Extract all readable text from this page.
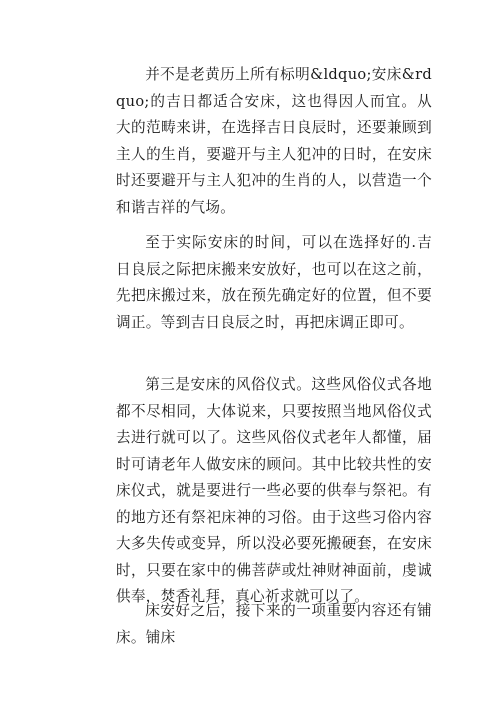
并不是老黄历上所有标明&ldquo;安床&rdquo;的吉日都适合安床，这也得因人而宜。从大的范畴来讲，在选择吉日良辰时，还要兼顾到主人的生肖，要避开与主人犯冲的日时，在安床时还要避开与主人犯冲的生肖的人，以营造一个和谐吉祥的气场。

至于实际安床的时间，可以在选择好的.吉日良辰之际把床搬来安放好，也可以在这之前，先把床搬过来，放在预先确定好的位置，但不要调正。等到吉日良辰之时，再把床调正即可。

第三是安床的风俗仪式。这些风俗仪式各地都不尽相同，大体说来，只要按照当地风俗仪式去进行就可以了。这些风俗仪式老年人都懂，届时可请老年人做安床的顾问。其中比较共性的安床仪式，就是要进行一些必要的供奉与祭祀。有的地方还有祭祀床神的习俗。由于这些习俗内容大多失传或变异，所以没必要死搬硬套，在安床时，只要在家中的佛菩萨或灶神财神面前，虔诚供奉，焚香礼拜，真心祈求就可以了。

床安好之后，接下来的一项重要内容还有铺床。铺床
